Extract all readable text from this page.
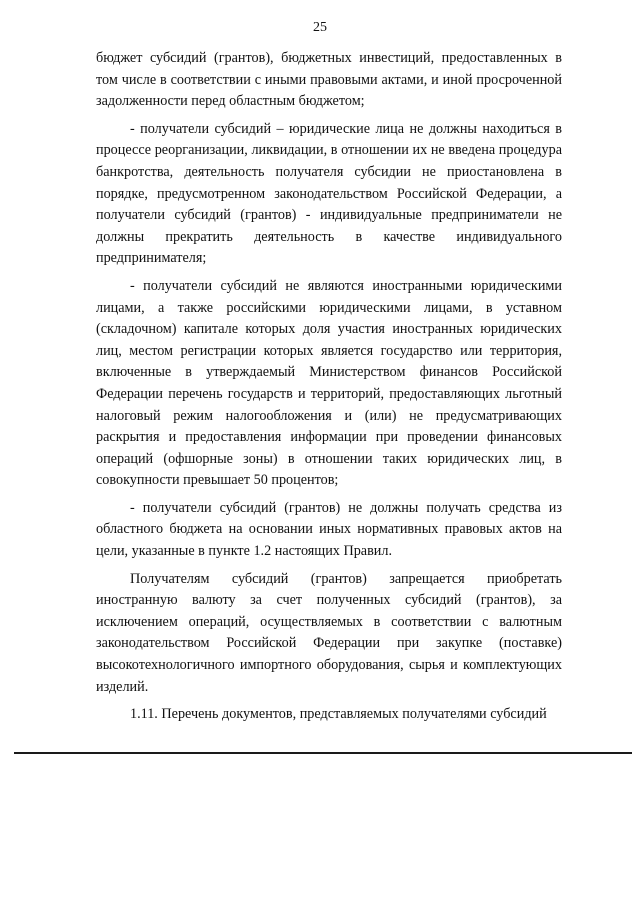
25

бюджет субсидий (грантов), бюджетных инвестиций, предоставленных в том числе в соответствии с иными правовыми актами, и иной просроченной задолженности перед областным бюджетом;

- получатели субсидий – юридические лица не должны находиться в процессе реорганизации, ликвидации, в отношении их не введена процедура банкротства, деятельность получателя субсидии не приостановлена в порядке, предусмотренном законодательством Российской Федерации, а получатели субсидий (грантов) - индивидуальные предприниматели не должны прекратить деятельность в качестве индивидуального предпринимателя;

- получатели субсидий не являются иностранными юридическими лицами, а также российскими юридическими лицами, в уставном (складочном) капитале которых доля участия иностранных юридических лиц, местом регистрации которых является государство или территория, включенные в утверждаемый Министерством финансов Российской Федерации перечень государств и территорий, предоставляющих льготный налоговый режим налогообложения и (или) не предусматривающих раскрытия и предоставления информации при проведении финансовых операций (офшорные зоны) в отношении таких юридических лиц, в совокупности превышает 50 процентов;

- получатели субсидий (грантов) не должны получать средства из областного бюджета на основании иных нормативных правовых актов на цели, указанные в пункте 1.2 настоящих Правил.

Получателям субсидий (грантов) запрещается приобретать иностранную валюту за счет полученных субсидий (грантов), за исключением операций, осуществляемых в соответствии с валютным законодательством Российской Федерации при закупке (поставке) высокотехнологичного импортного оборудования, сырья и комплектующих изделий.

1.11. Перечень документов, представляемых получателями субсидий
